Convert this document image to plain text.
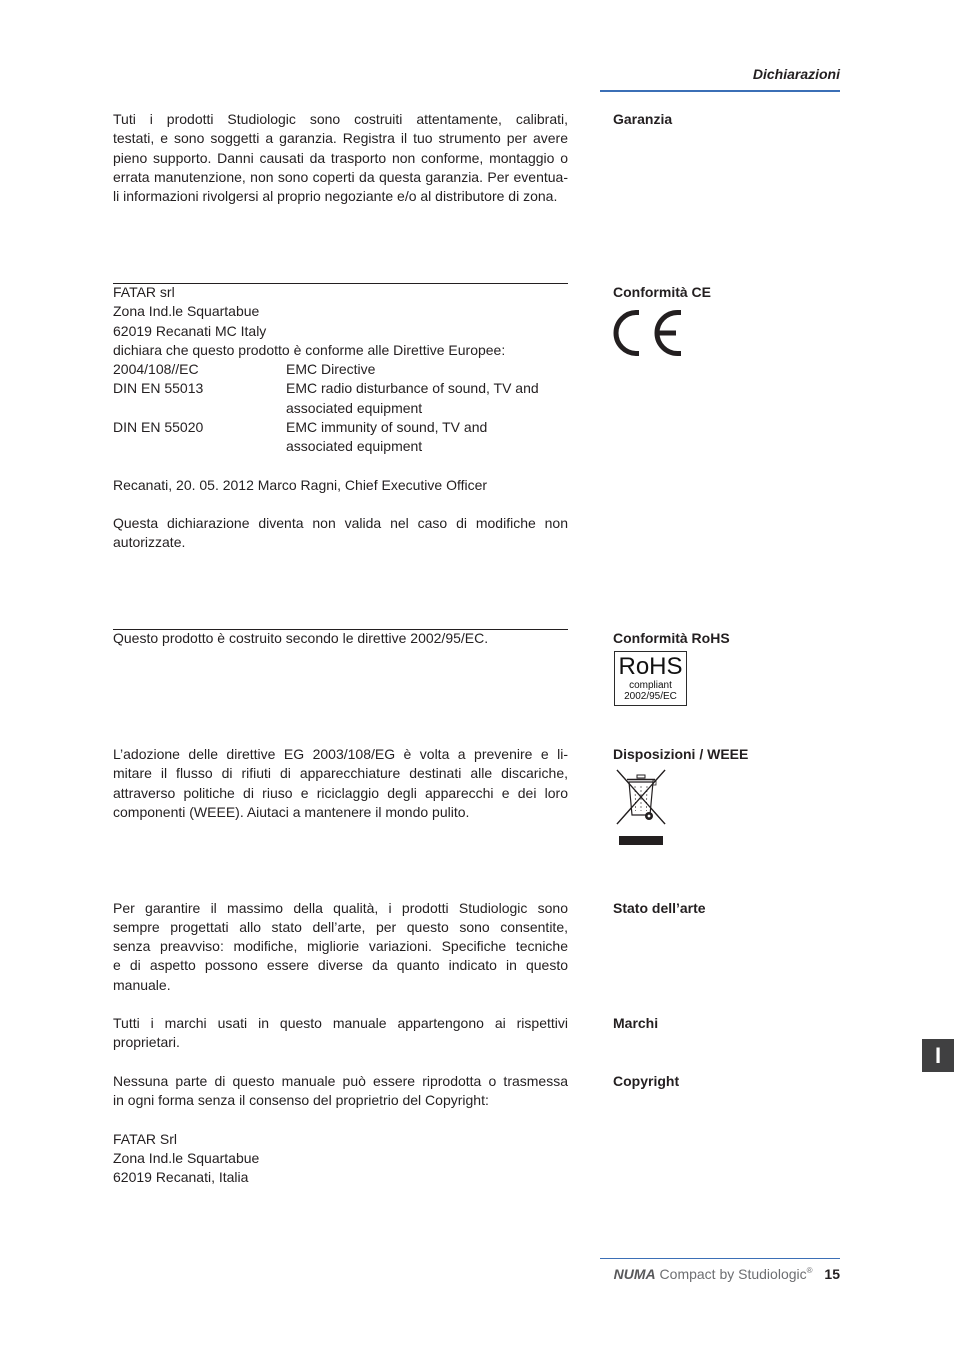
Dichiarazioni
Garanzia
Tuti i prodotti Studiologic sono costruiti attentamente, calibrati,
testati, e sono soggetti a garanzia. Registra il tuo strumento per avere
pieno supporto. Danni causati da trasporto non conforme, montaggio o
errata manutenzione, non sono coperti da questa garanzia. Per eventua-
li informazioni rivolgersi al proprio negoziante e/o al distributore di zona.
Conformità CE
FATAR srl
Zona Ind.le Squartabue
62019 Recanati MC Italy
dichiara che questo prodotto è conforme alle Direttive Europee:
2004/108//EC	EMC Directive
DIN EN 55013	EMC radio disturbance of sound, TV and
associated equipment
DIN EN 55020	EMC immunity of sound, TV and
associated equipment
Recanati, 20. 05. 2012 Marco Ragni, Chief Executive Officer
Questa dichiarazione diventa non valida nel caso di modifiche non
autorizzate.
Conformità RoHS
Questo prodotto è costruito secondo le direttive 2002/95/EC.
RoHS
compliant
2002/95/EC
Disposizioni / WEEE
L’adozione delle direttive EG 2003/108/EG è volta a prevenire e li-
mitare il flusso di rifiuti di apparecchiature destinati alle discariche,
attraverso politiche di riuso e riciclaggio degli apparecchi e dei loro
componenti (WEEE). Aiutaci a mantenere il mondo pulito.
Stato dell’arte
Per garantire il massimo della qualità, i prodotti Studiologic sono
sempre progettati allo stato dell’arte, per questo sono consentite,
senza preavviso: modifiche, migliorie variazioni. Specifiche tecniche
e di aspetto possono essere diverse da quanto indicato in questo
manuale.
Marchi
Tutti i marchi usati in questo manuale appartengono ai rispettivi
proprietari.
Copyright
Nessuna parte di questo manuale può essere riprodotta o trasmessa
in ogni forma senza il consenso del proprietrio del Copyright:
FATAR Srl
Zona Ind.le Squartabue
62019 Recanati, Italia
I
NUMA Compact by Studiologic® 15
